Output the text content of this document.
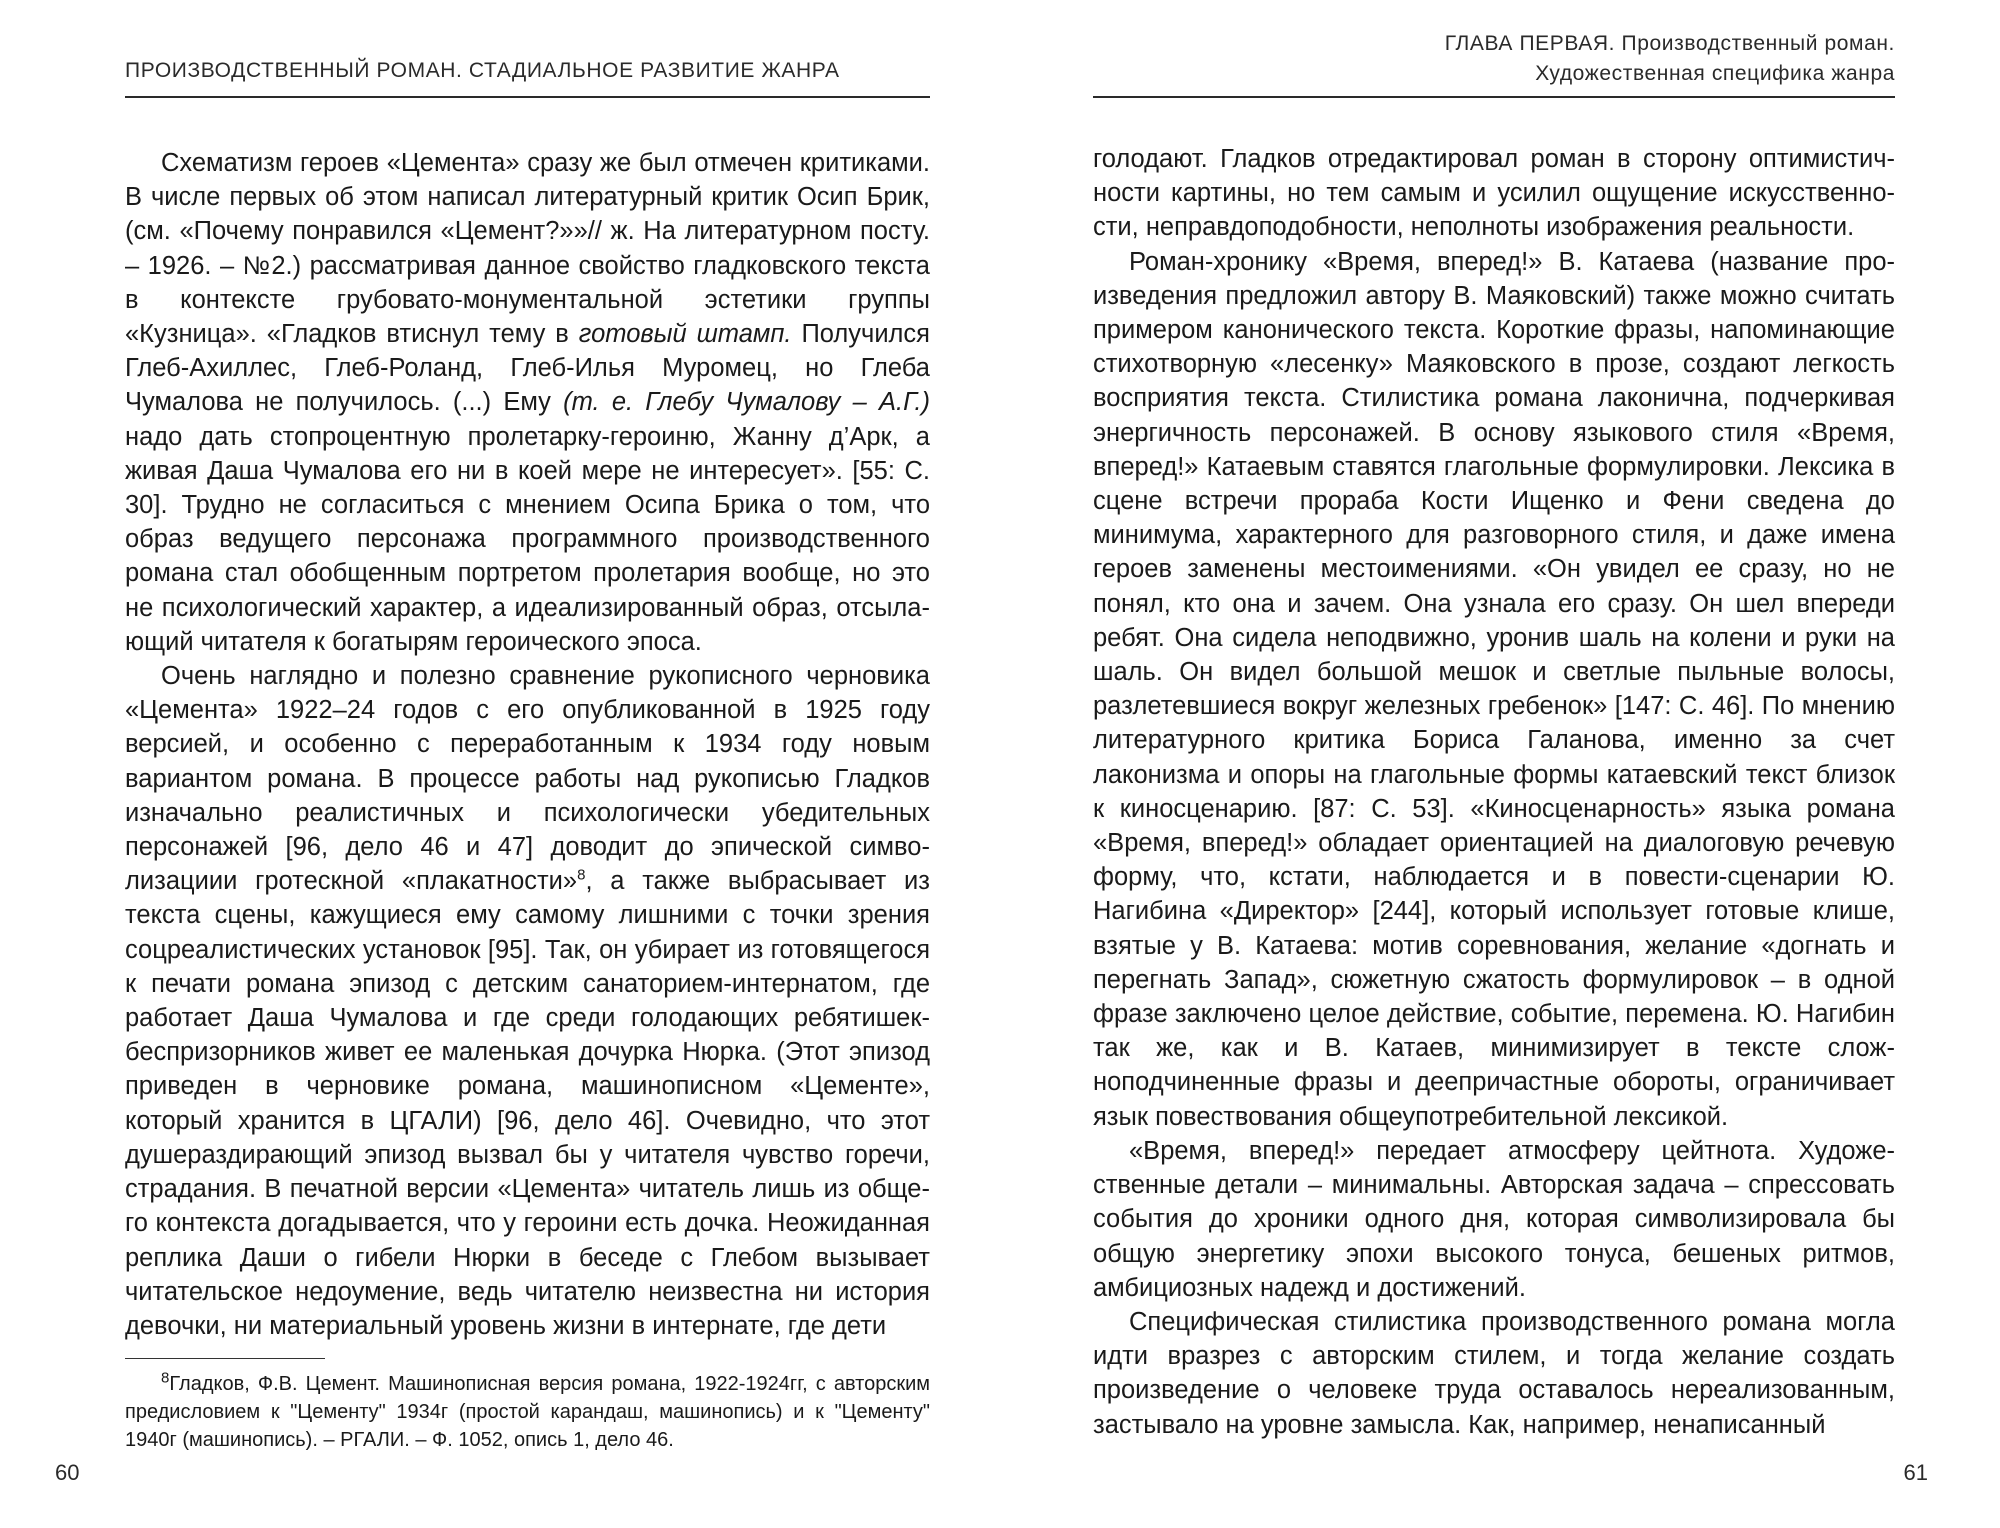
ПРОИЗВОДСТВЕННЫЙ РОМАН. СТАДИАЛЬНОЕ РАЗВИТИЕ ЖАНРА

Схематизм героев «Цемента» сразу же был отмечен критиками. В числе первых об этом написал литературный критик Осип Брик, (см. «Почему понравился «Цемент?»»// ж. На литературном посту. – 1926. – №2.) рассматривая данное свойство гладковского текста в контексте грубовато-монументальной эстетики группы «Кузница». «Гладков втиснул тему в готовый штамп. Получился Глеб-Ахиллес, Глеб-Роланд, Глеб-Илья Муромец, но Глеба Чумалова не получилось. (...) Ему (т. е. Глебу Чумалову – А.Г.) надо дать стопроцентную пролетарку-героиню, Жанну д’Арк, а живая Даша Чумалова его ни в коей мере не интересует». [55: С. 30]. Трудно не согласиться с мнением Осипа Брика о том, что образ ведущего персонажа программного производственного романа стал обобщенным портретом пролетария вообще, но это не психологический характер, а идеализированный образ, отсылающий читателя к богатырям героического эпоса.

Очень наглядно и полезно сравнение рукописного черновика «Цемента» 1922–24 годов с его опубликованной в 1925 году версией, и особенно с переработанным к 1934 году новым вариантом романа. В процессе работы над рукописью Гладков изначально реалистичных и психологически убедительных персонажей [96, дело 46 и 47] доводит до эпической символизациии гротескной «плакатности»$^8$, а также выбрасывает из текста сцены, кажущиеся ему самому лишними с точки зрения соцреалистических установок [95]. Так, он убирает из готовящегося к печати романа эпизод с детским санаторием-интернатом, где работает Даша Чумалова и где среди голодающих ребятишек-беспризорников живет ее маленькая дочурка Нюрка. (Этот эпизод приведен в черновике романа, машинописном «Цементе», который хранится в ЦГАЛИ) [96, дело 46]. Очевидно, что этот душераздирающий эпизод вызвал бы у читателя чувство горечи, страдания. В печатной версии «Цемента» читатель лишь из общего контекста догадывается, что у героини есть дочка. Неожиданная реплика Даши о гибели Нюрки в беседе с Глебом вызывает читательское недоумение, ведь читателю неизвестна ни история девочки, ни материальный уровень жизни в интернате, где дети

$^8$Гладков, Ф.В. Цемент. Машинописная версия романа, 1922-1924гг, с авторским предисловием к "Цементу" 1934г (простой карандаш, машинопись) и к "Цементу" 1940г (машинопись). – РГАЛИ. – Ф. 1052, опись 1, дело 46.

60
ГЛАВА ПЕРВАЯ. Производственный роман.
Художественная специфика жанра

голодают. Гладков отредактировал роман в сторону оптимистичности картины, но тем самым и усилил ощущение искусственности, неправдоподобности, неполноты изображения реальности.

Роман-хронику «Время, вперед!» В. Катаева (название произведения предложил автору В. Маяковский) также можно считать примером канонического текста. Короткие фразы, напоминающие стихотворную «лесенку» Маяковского в прозе, создают легкость восприятия текста. Стилистика романа лаконична, подчеркивая энергичность персонажей. В основу языкового стиля «Время, вперед!» Катаевым ставятся глагольные формулировки. Лексика в сцене встречи прораба Кости Ищенко и Фени сведена до минимума, характерного для разговорного стиля, и даже имена героев заменены местоимениями. «Он увидел ее сразу, но не понял, кто она и зачем. Она узнала его сразу. Он шел впереди ребят. Она сидела неподвижно, уронив шаль на колени и руки на шаль. Он видел большой мешок и светлые пыльные волосы, разлетевшиеся вокруг железных гребенок» [147: С. 46]. По мнению литературного критика Бориса Галанова, именно за счет лаконизма и опоры на глагольные формы катаевский текст близок к киносценарию. [87: С. 53]. «Киносценарность» языка романа «Время, вперед!» обладает ориентацией на диалоговую речевую форму, что, кстати, наблюдается и в повести-сценарии Ю. Нагибина «Директор» [244], который использует готовые клише, взятые у В. Катаева: мотив соревнования, желание «догнать и перегнать Запад», сюжетную сжатость формулировок – в одной фразе заключено целое действие, событие, перемена. Ю. Нагибин так же, как и В. Катаев, минимизирует в тексте сложноподчиненные фразы и деепричастные обороты, ограничивает язык повествования общеупотребительной лексикой.

«Время, вперед!» передает атмосферу цейтнота. Художественные детали – минимальны. Авторская задача – спрессовать события до хроники одного дня, которая символизировала бы общую энергетику эпохи высокого тонуса, бешеных ритмов, амбициозных надежд и достижений.

Специфическая стилистика производственного романа могла идти вразрез с авторским стилем, и тогда желание создать произведение о человеке труда оставалось нереализованным, застывало на уровне замысла. Как, например, ненаписанный

61
